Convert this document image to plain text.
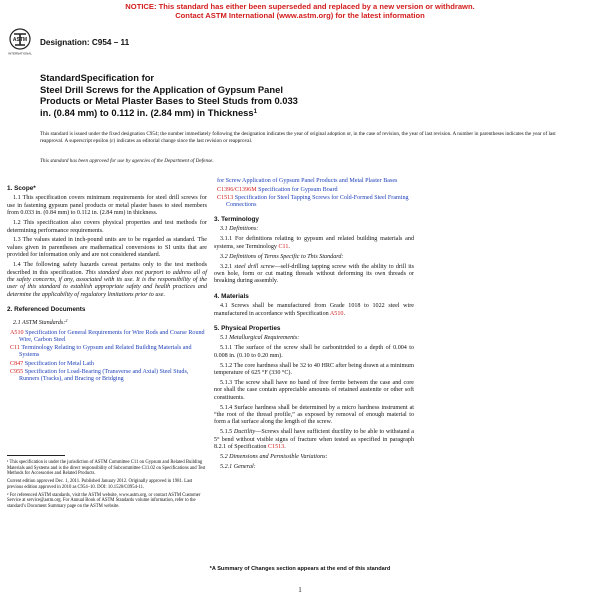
NOTICE: This standard has either been superseded and replaced by a new version or withdrawn.
Contact ASTM International (www.astm.org) for the latest information
ASTM
INTERNATIONAL
Designation: C954 – 11
StandardSpecification for
Steel Drill Screws for the Application of Gypsum Panel
Products or Metal Plaster Bases to Steel Studs from 0.033
in. (0.84 mm) to 0.112 in. (2.84 mm) in Thickness$^1$
This standard is issued under the fixed designation C954; the number immediately following the designation indicates the year of original adoption or, in the case of revision, the year of last revision. A number in parentheses indicates the year of last reapproval. A superscript epsilon (ε) indicates an editorial change since the last revision or reapproval.
This standard has been approved for use by agencies of the Department of Defense.
1. Scope*

1.1 This specification covers minimum requirements for steel drill screws for use in fastening gypsum panel products or metal plaster bases to steel members from 0.033 in. (0.84 mm) to 0.112 in. (2.84 mm) in thickness.

1.2 This specification also covers physical properties and test methods for determining performance requirements.

1.3 The values stated in inch-pound units are to be regarded as standard. The values given in parentheses are mathematical conversions to SI units that are provided for information only and are not considered standard.

1.4 The following safety hazards caveat pertains only to the test methods described in this specification. This standard does not purport to address all of the safety concerns, if any, associated with its use. It is the responsibility of the user of this standard to establish appropriate safety and health practices and determine the applicability of regulatory limitations prior to use.

2. Referenced Documents

2.1 ASTM Standards:$^2$

A510 Specification for General Requirements for Wire Rods and Coarse Round Wire, Carbon Steel
C11 Terminology Relating to Gypsum and Related Building Materials and Systems
C847 Specification for Metal Lath
C955 Specification for Load-Bearing (Transverse and Axial) Steel Studs, Runners (Tracks), and Bracing or Bridging

¹ This specification is under the jurisdiction of ASTM Committee C11 on Gypsum and Related Building Materials and Systems and is the direct responsibility of Subcommittee C11.02 on Specifications and Test Methods for Accessories and Related Products.

Current edition approved Dec. 1, 2011. Published January 2012. Originally approved in 1981. Last previous edition approved in 2010 as C954–10. DOI: 10.1520/C0954-11.

² For referenced ASTM standards, visit the ASTM website, www.astm.org, or contact ASTM Customer Service at service@astm.org. For Annual Book of ASTM Standards volume information, refer to the standard’s Document Summary page on the ASTM website.

for Screw Application of Gypsum Panel Products and Metal Plaster Bases
C1396/C1396M Specification for Gypsum Board
C1513 Specification for Steel Tapping Screws for Cold-Formed Steel Framing Connections
3. Terminology

3.1 Definitions:

3.1.1 For definitions relating to gypsum and related building materials and systems, see Terminology C11.

3.2 Definitions of Terms Specific to This Standard:

3.2.1 steel drill screw—self-drilling tapping screw with the ability to drill its own hole, form or cut mating threads without deforming its own threads or breaking during assembly.

4. Materials

4.1 Screws shall be manufactured from Grade 1018 to 1022 steel wire manufactured in accordance with Specification A510.

5. Physical Properties

5.1 Metallurgical Requirements:

5.1.1 The surface of the screw shall be carbonitrided to a depth of 0.004 to 0.008 in. (0.10 to 0.20 mm).

5.1.2 The core hardness shall be 32 to 40 HRC after being drawn at a minimum temperature of 625 °F (330 °C).

5.1.3 The screw shall have no band of free ferrite between the case and core nor shall the case contain appreciable amounts of retained austenite or other soft constituents.

5.1.4 Surface hardness shall be determined by a micro hardness instrument at “the root of the thread profile,” as exposed by removal of enough material to form a flat surface along the length of the screw.

5.1.5 Ductility—Screws shall have sufficient ductility to be able to withstand a 5° bend without visible signs of fracture when tested as specified in paragraph 8.2.1 of Specification C1513.

5.2 Dimensions and Permissible Variations:

5.2.1 General:

*A Summary of Changes section appears at the end of this standard
1
